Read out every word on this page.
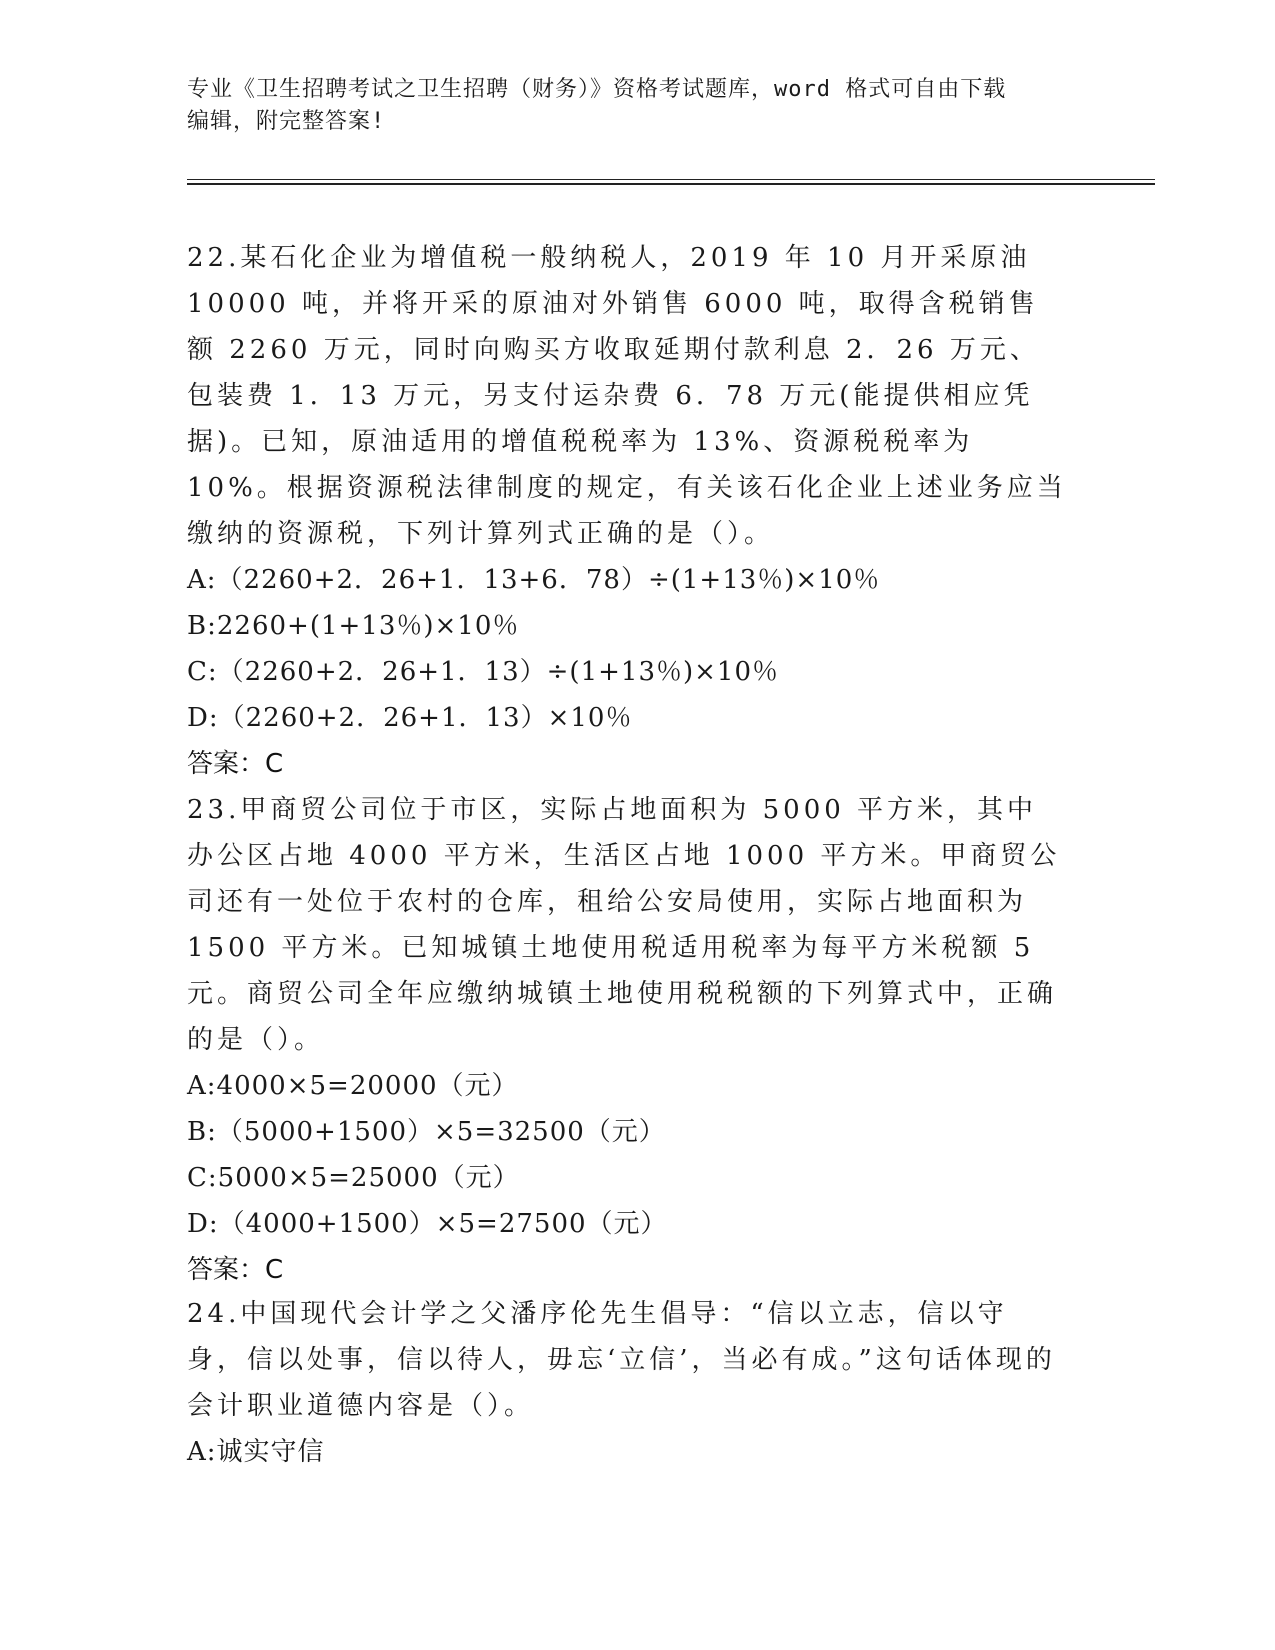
专业《卫生招聘考试之卫生招聘（财务）》资格考试题库，word 格式可自由下载
编辑，附完整答案!

22.某石化企业为增值税一般纳税人，2019 年 10 月开采原油 10000 吨，并将开采的原油对外销售 6000 吨，取得含税销售额 2260 万元，同时向购买方收取延期付款利息 2．26 万元、包装费 1．13 万元，另支付运杂费 6．78 万元(能提供相应凭据)。已知，原油适用的增值税税率为 13%、资源税税率为 10%。根据资源税法律制度的规定，有关该石化企业上述业务应当缴纳的资源税，下列计算列式正确的是（）。

A:（2260+2．26+1．13+6．78）÷(1+13％)×10％

B:2260+(1+13％)×10％

C:（2260+2．26+1．13）÷(1+13％)×10％

D:（2260+2．26+1．13）×10％

答案：C

23.甲商贸公司位于市区，实际占地面积为 5000 平方米，其中办公区占地 4000 平方米，生活区占地 1000 平方米。甲商贸公司还有一处位于农村的仓库，租给公安局使用，实际占地面积为 1500 平方米。已知城镇土地使用税适用税率为每平方米税额 5 元。商贸公司全年应缴纳城镇土地使用税税额的下列算式中，正确的是（）。

A:4000×5=20000（元）

B:（5000+1500）×5=32500（元）

C:5000×5=25000（元）

D:（4000+1500）×5=27500（元）

答案：C

24.中国现代会计学之父潘序伦先生倡导：“信以立志，信以守身，信以处事，信以待人，毋忘‘立信’，当必有成。”这句话体现的会计职业道德内容是（）。

A:诚实守信
